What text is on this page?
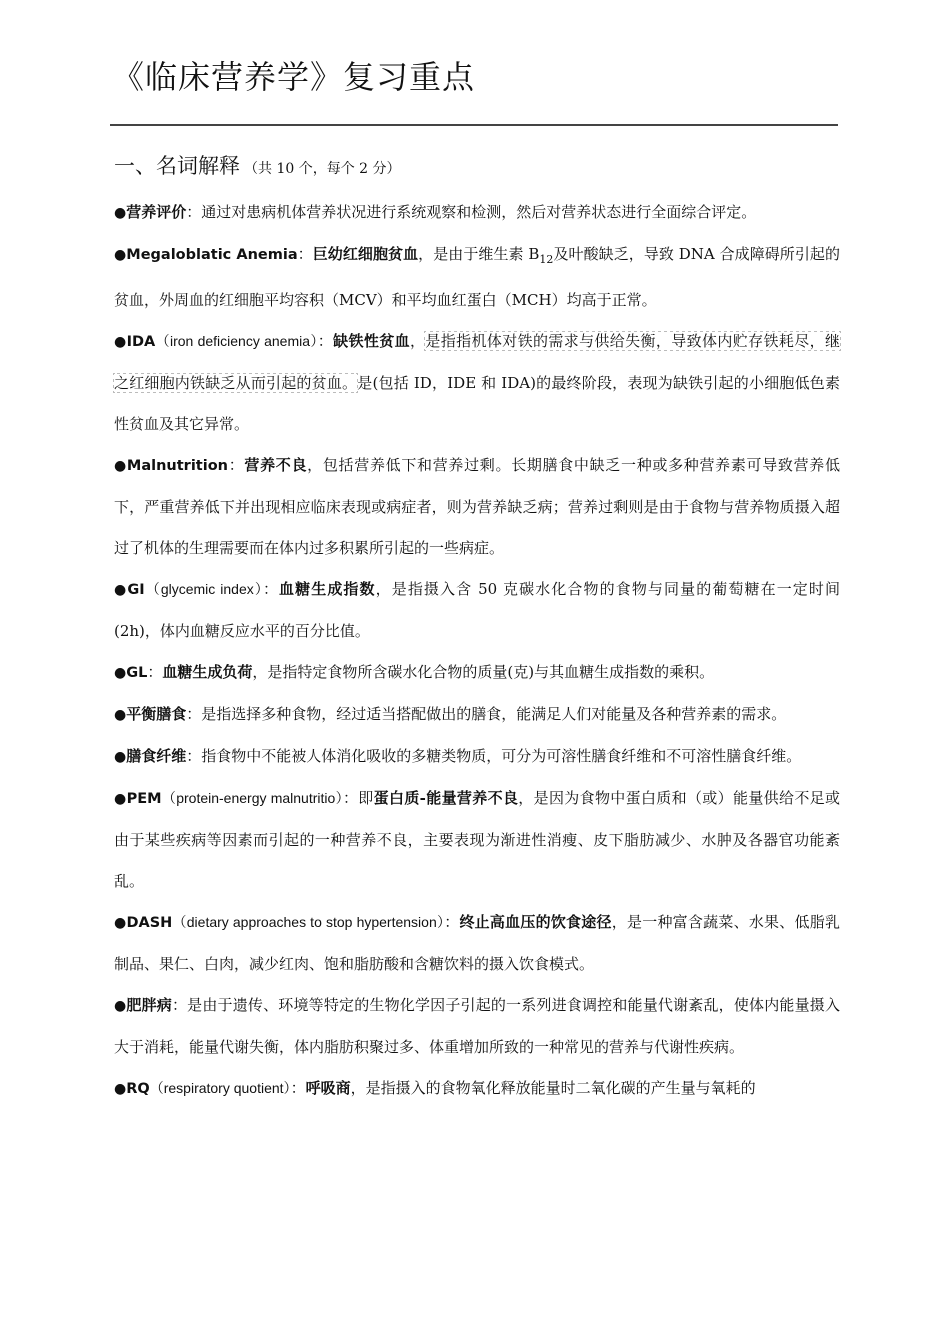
《临床营养学》复习重点
一、名词解释 （共 10 个，每个 2 分）

●营养评价：通过对患病机体营养状况进行系统观察和检测，然后对营养状态进行全面综合评定。

●Megaloblatic Anemia：巨幼红细胞贫血，是由于维生素 $B_{12}$及叶酸缺乏，导致 DNA 合成障碍所引起的贫血，外周血的红细胞平均容积（MCV）和平均血红蛋白（MCH）均高于正常。

●IDA（iron deficiency anemia）：缺铁性贫血，是指指机体对铁的需求与供给失衡，导致体内贮存铁耗尽，继之红细胞内铁缺乏从而引起的贫血。是(包括 ID，IDE 和 IDA)的最终阶段，表现为缺铁引起的小细胞低色素性贫血及其它异常。

●Malnutrition：营养不良，包括营养低下和营养过剩。长期膳食中缺乏一种或多种营养素可导致营养低下，严重营养低下并出现相应临床表现或病症者，则为营养缺乏病；营养过剩则是由于食物与营养物质摄入超过了机体的生理需要而在体内过多积累所引起的一些病症。

●GI（glycemic index）：血糖生成指数，是指摄入含 50 克碳水化合物的食物与同量的葡萄糖在一定时间(2h)，体内血糖反应水平的百分比值。

●GL：血糖生成负荷，是指特定食物所含碳水化合物的质量(克)与其血糖生成指数的乘积。

●平衡膳食：是指选择多种食物，经过适当搭配做出的膳食，能满足人们对能量及各种营养素的需求。

●膳食纤维：指食物中不能被人体消化吸收的多糖类物质，可分为可溶性膳食纤维和不可溶性膳食纤维。

●PEM（protein-energy malnutritio）：即蛋白质-能量营养不良，是因为食物中蛋白质和（或）能量供给不足或由于某些疾病等因素而引起的一种营养不良，主要表现为渐进性消瘦、皮下脂肪减少、水肿及各器官功能紊乱。

●DASH（dietary approaches to stop hypertension）：终止高血压的饮食途径，是一种富含蔬菜、水果、低脂乳制品、果仁、白肉，减少红肉、饱和脂肪酸和含糖饮料的摄入饮食模式。

●肥胖病：是由于遗传、环境等特定的生物化学因子引起的一系列进食调控和能量代谢紊乱，使体内能量摄入大于消耗，能量代谢失衡，体内脂肪积聚过多、体重增加所致的一种常见的营养与代谢性疾病。

●RQ（respiratory quotient）：呼吸商，是指摄入的食物氧化释放能量时二氧化碳的产生量与氧耗的
